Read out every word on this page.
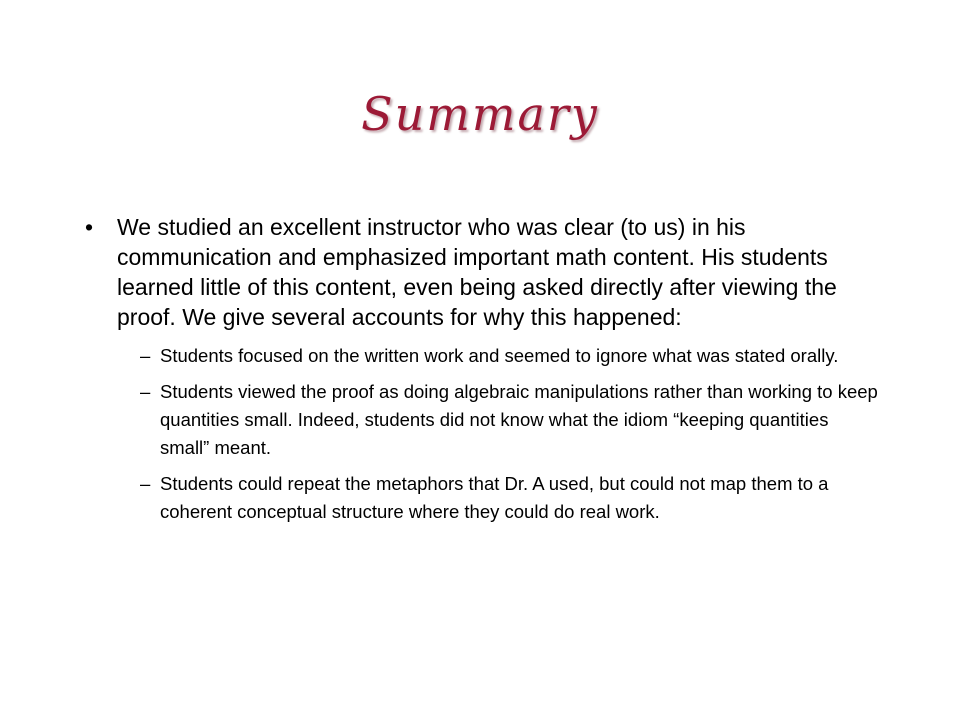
Summary
• We studied an excellent instructor who was clear (to us) in his communication and emphasized important math content. His students learned little of this content, even being asked directly after viewing the proof. We give several accounts for why this happened:
– Students focused on the written work and seemed to ignore what was stated orally.
– Students viewed the proof as doing algebraic manipulations rather than working to keep quantities small. Indeed, students did not know what the idiom “keeping quantities small” meant.
– Students could repeat the metaphors that Dr. A used, but could not map them to a coherent conceptual structure where they could do real work.
